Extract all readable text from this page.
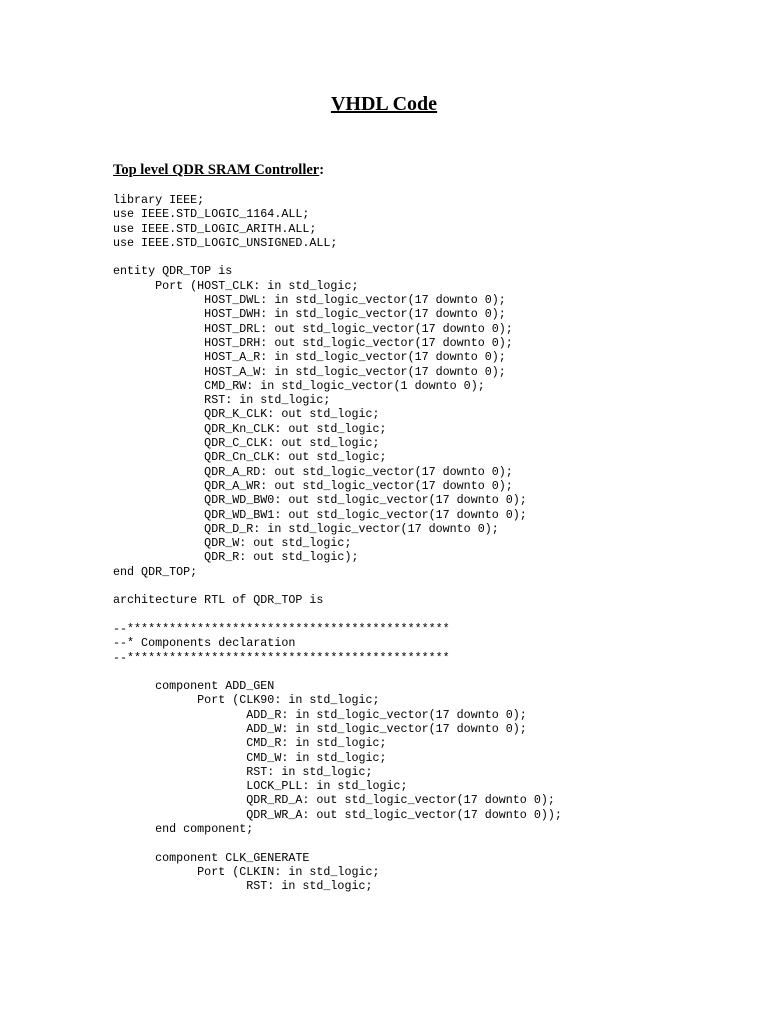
VHDL Code

Top level QDR SRAM Controller:

library IEEE;
use IEEE.STD_LOGIC_1164.ALL;
use IEEE.STD_LOGIC_ARITH.ALL;
use IEEE.STD_LOGIC_UNSIGNED.ALL;
entity QDR_TOP is
Port (HOST_CLK: in std_logic;
HOST_DWL: in std_logic_vector(17 downto 0);
HOST_DWH: in std_logic_vector(17 downto 0);
HOST_DRL: out std_logic_vector(17 downto 0);
HOST_DRH: out std_logic_vector(17 downto 0);
HOST_A_R: in std_logic_vector(17 downto 0);
HOST_A_W: in std_logic_vector(17 downto 0);
CMD_RW: in std_logic_vector(1 downto 0);
RST: in std_logic;
QDR_K_CLK: out std_logic;
QDR_Kn_CLK: out std_logic;
QDR_C_CLK: out std_logic;
QDR_Cn_CLK: out std_logic;
QDR_A_RD: out std_logic_vector(17 downto 0);
QDR_A_WR: out std_logic_vector(17 downto 0);
QDR_WD_BW0: out std_logic_vector(17 downto 0);
QDR_WD_BW1: out std_logic_vector(17 downto 0);
QDR_D_R: in std_logic_vector(17 downto 0);
QDR_W: out std_logic;
QDR_R: out std_logic);
end QDR_TOP;
architecture RTL of QDR_TOP is
--**********************************************
--* Components declaration
--**********************************************
component ADD_GEN
Port (CLK90: in std_logic;
ADD_R: in std_logic_vector(17 downto 0);
ADD_W: in std_logic_vector(17 downto 0);
CMD_R: in std_logic;
CMD_W: in std_logic;
RST: in std_logic;
LOCK_PLL: in std_logic;
QDR_RD_A: out std_logic_vector(17 downto 0);
QDR_WR_A: out std_logic_vector(17 downto 0));
end component;
component CLK_GENERATE
Port (CLKIN: in std_logic;
RST: in std_logic;
